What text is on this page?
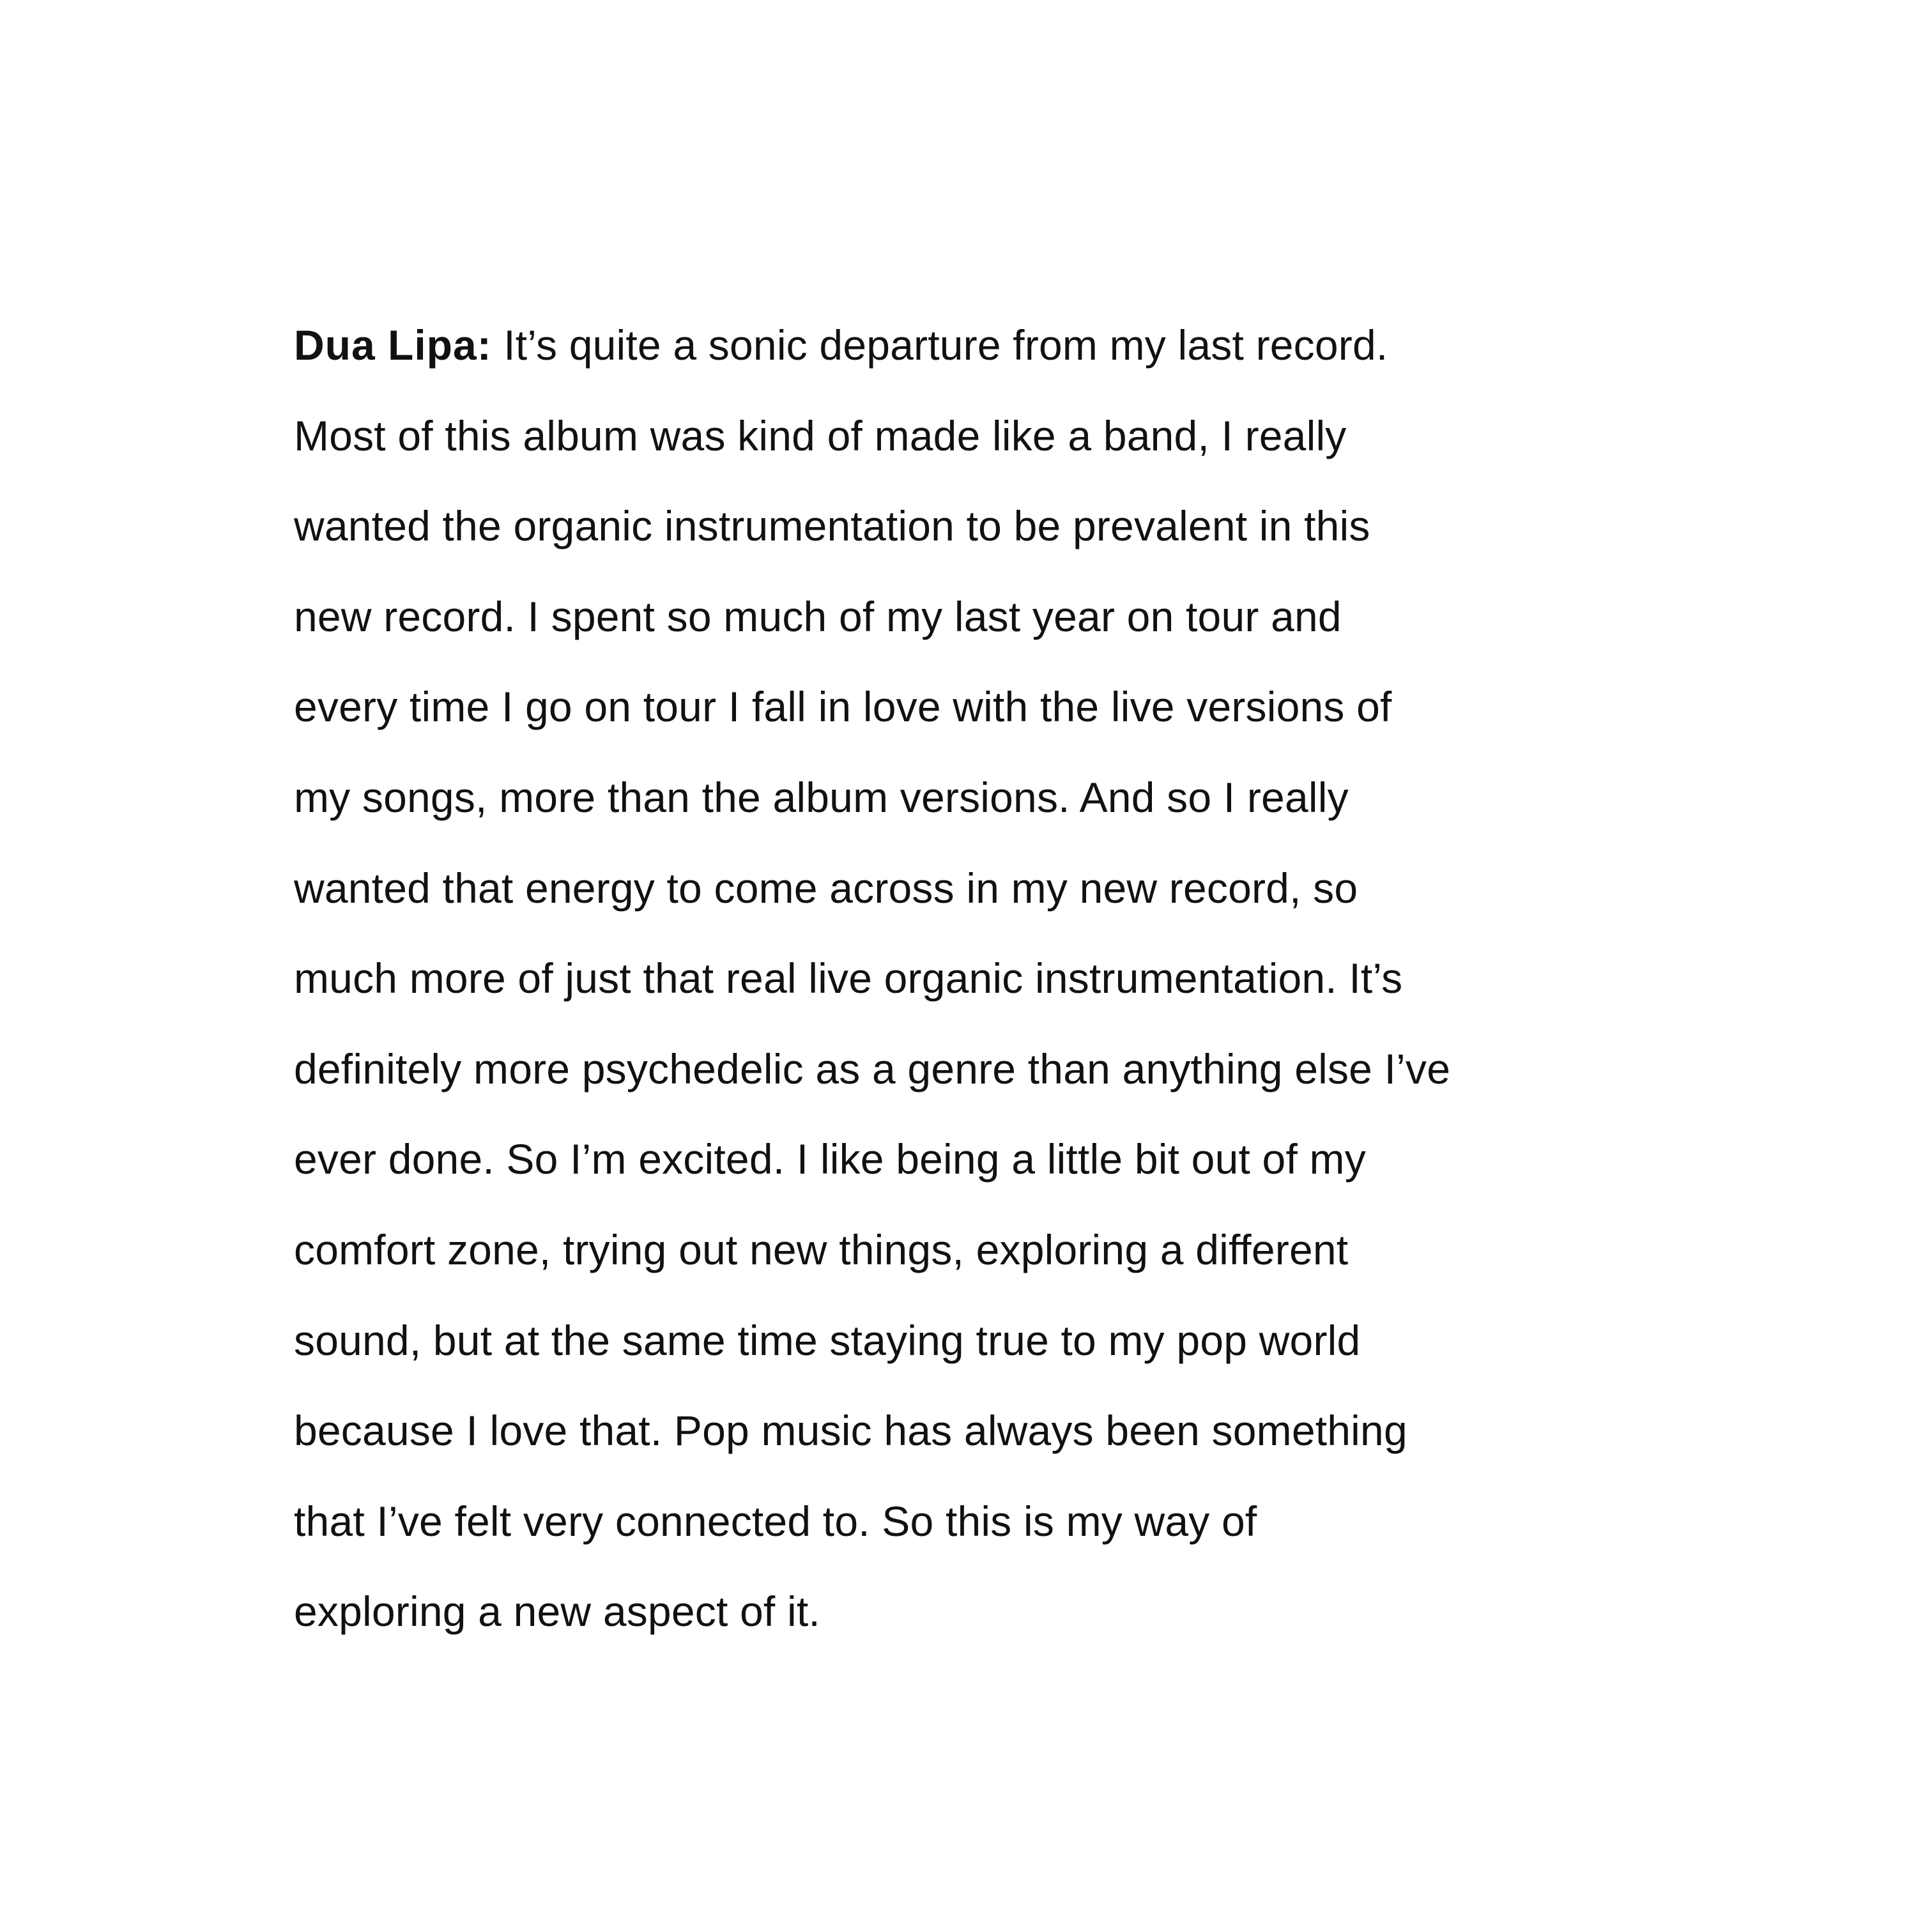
Dua Lipa: It’s quite a sonic departure from my last record.
Most of this album was kind of made like a band, I really
wanted the organic instrumentation to be prevalent in this
new record. I spent so much of my last year on tour and
every time I go on tour I fall in love with the live versions of
my songs, more than the album versions. And so I really
wanted that energy to come across in my new record, so
much more of just that real live organic instrumentation. It’s
definitely more psychedelic as a genre than anything else I’ve
ever done. So I’m excited. I like being a little bit out of my
comfort zone, trying out new things, exploring a different
sound, but at the same time staying true to my pop world
because I love that. Pop music has always been something
that I’ve felt very connected to. So this is my way of
exploring a new aspect of it.
